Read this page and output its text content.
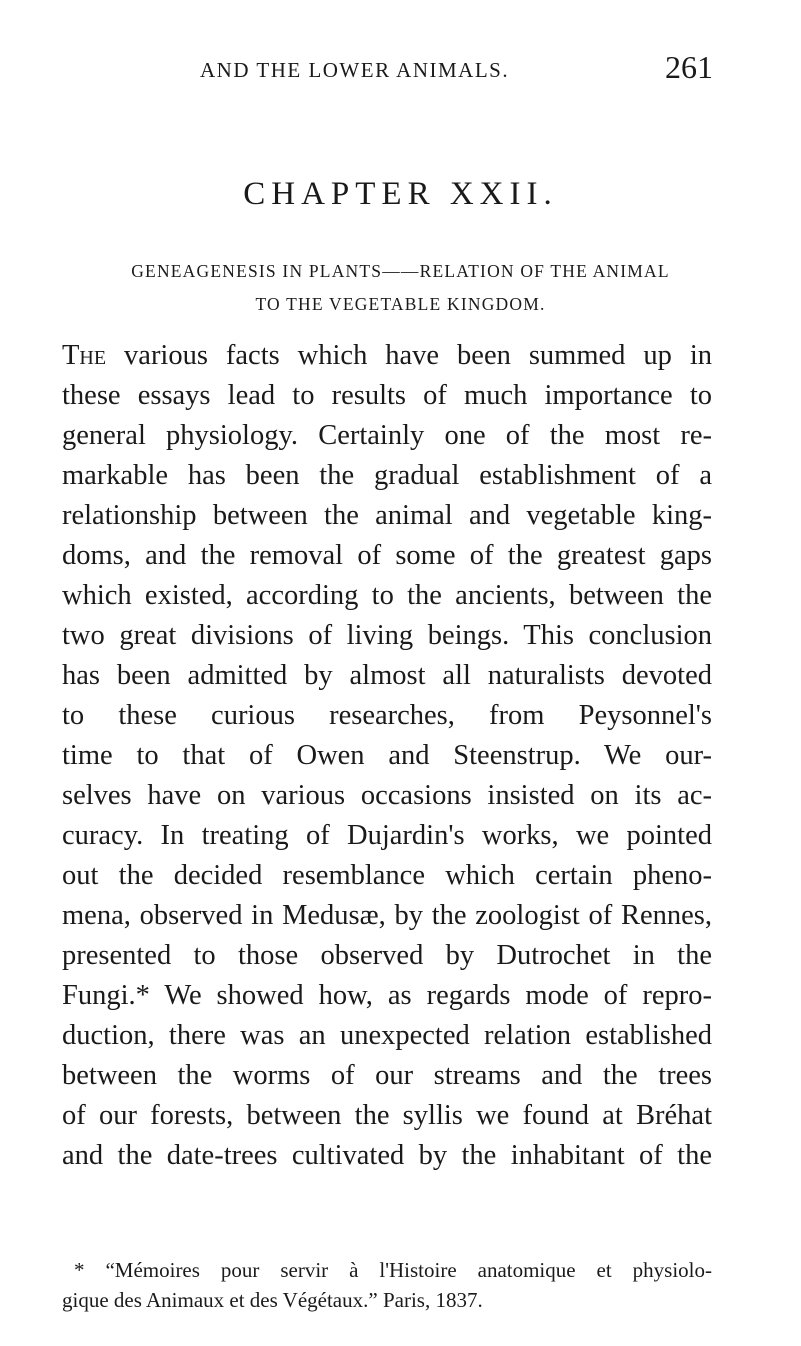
AND THE LOWER ANIMALS.	261
CHAPTER XXII.
GENEAGENESIS IN PLANTS——RELATION OF THE ANIMAL
TO THE VEGETABLE KINGDOM.
The various facts which have been summed up in
these essays lead to results of much importance to
general physiology. Certainly one of the most re-
markable has been the gradual establishment of a
relationship between the animal and vegetable king-
doms, and the removal of some of the greatest gaps
which existed, according to the ancients, between the
two great divisions of living beings. This conclusion
has been admitted by almost all naturalists devoted
to these curious researches, from Peysonnel's
time to that of Owen and Steenstrup. We our-
selves have on various occasions insisted on its ac-
curacy. In treating of Dujardin's works, we pointed
out the decided resemblance which certain pheno-
mena, observed in Medusæ, by the zoologist of Rennes,
presented to those observed by Dutrochet in the
Fungi.* We showed how, as regards mode of repro-
duction, there was an unexpected relation established
between the worms of our streams and the trees
of our forests, between the syllis we found at Bréhat
and the date-trees cultivated by the inhabitant of the
* “Mémoires pour servir à l'Histoire anatomique et physiolo-
gique des Animaux et des Végétaux.” Paris, 1837.
